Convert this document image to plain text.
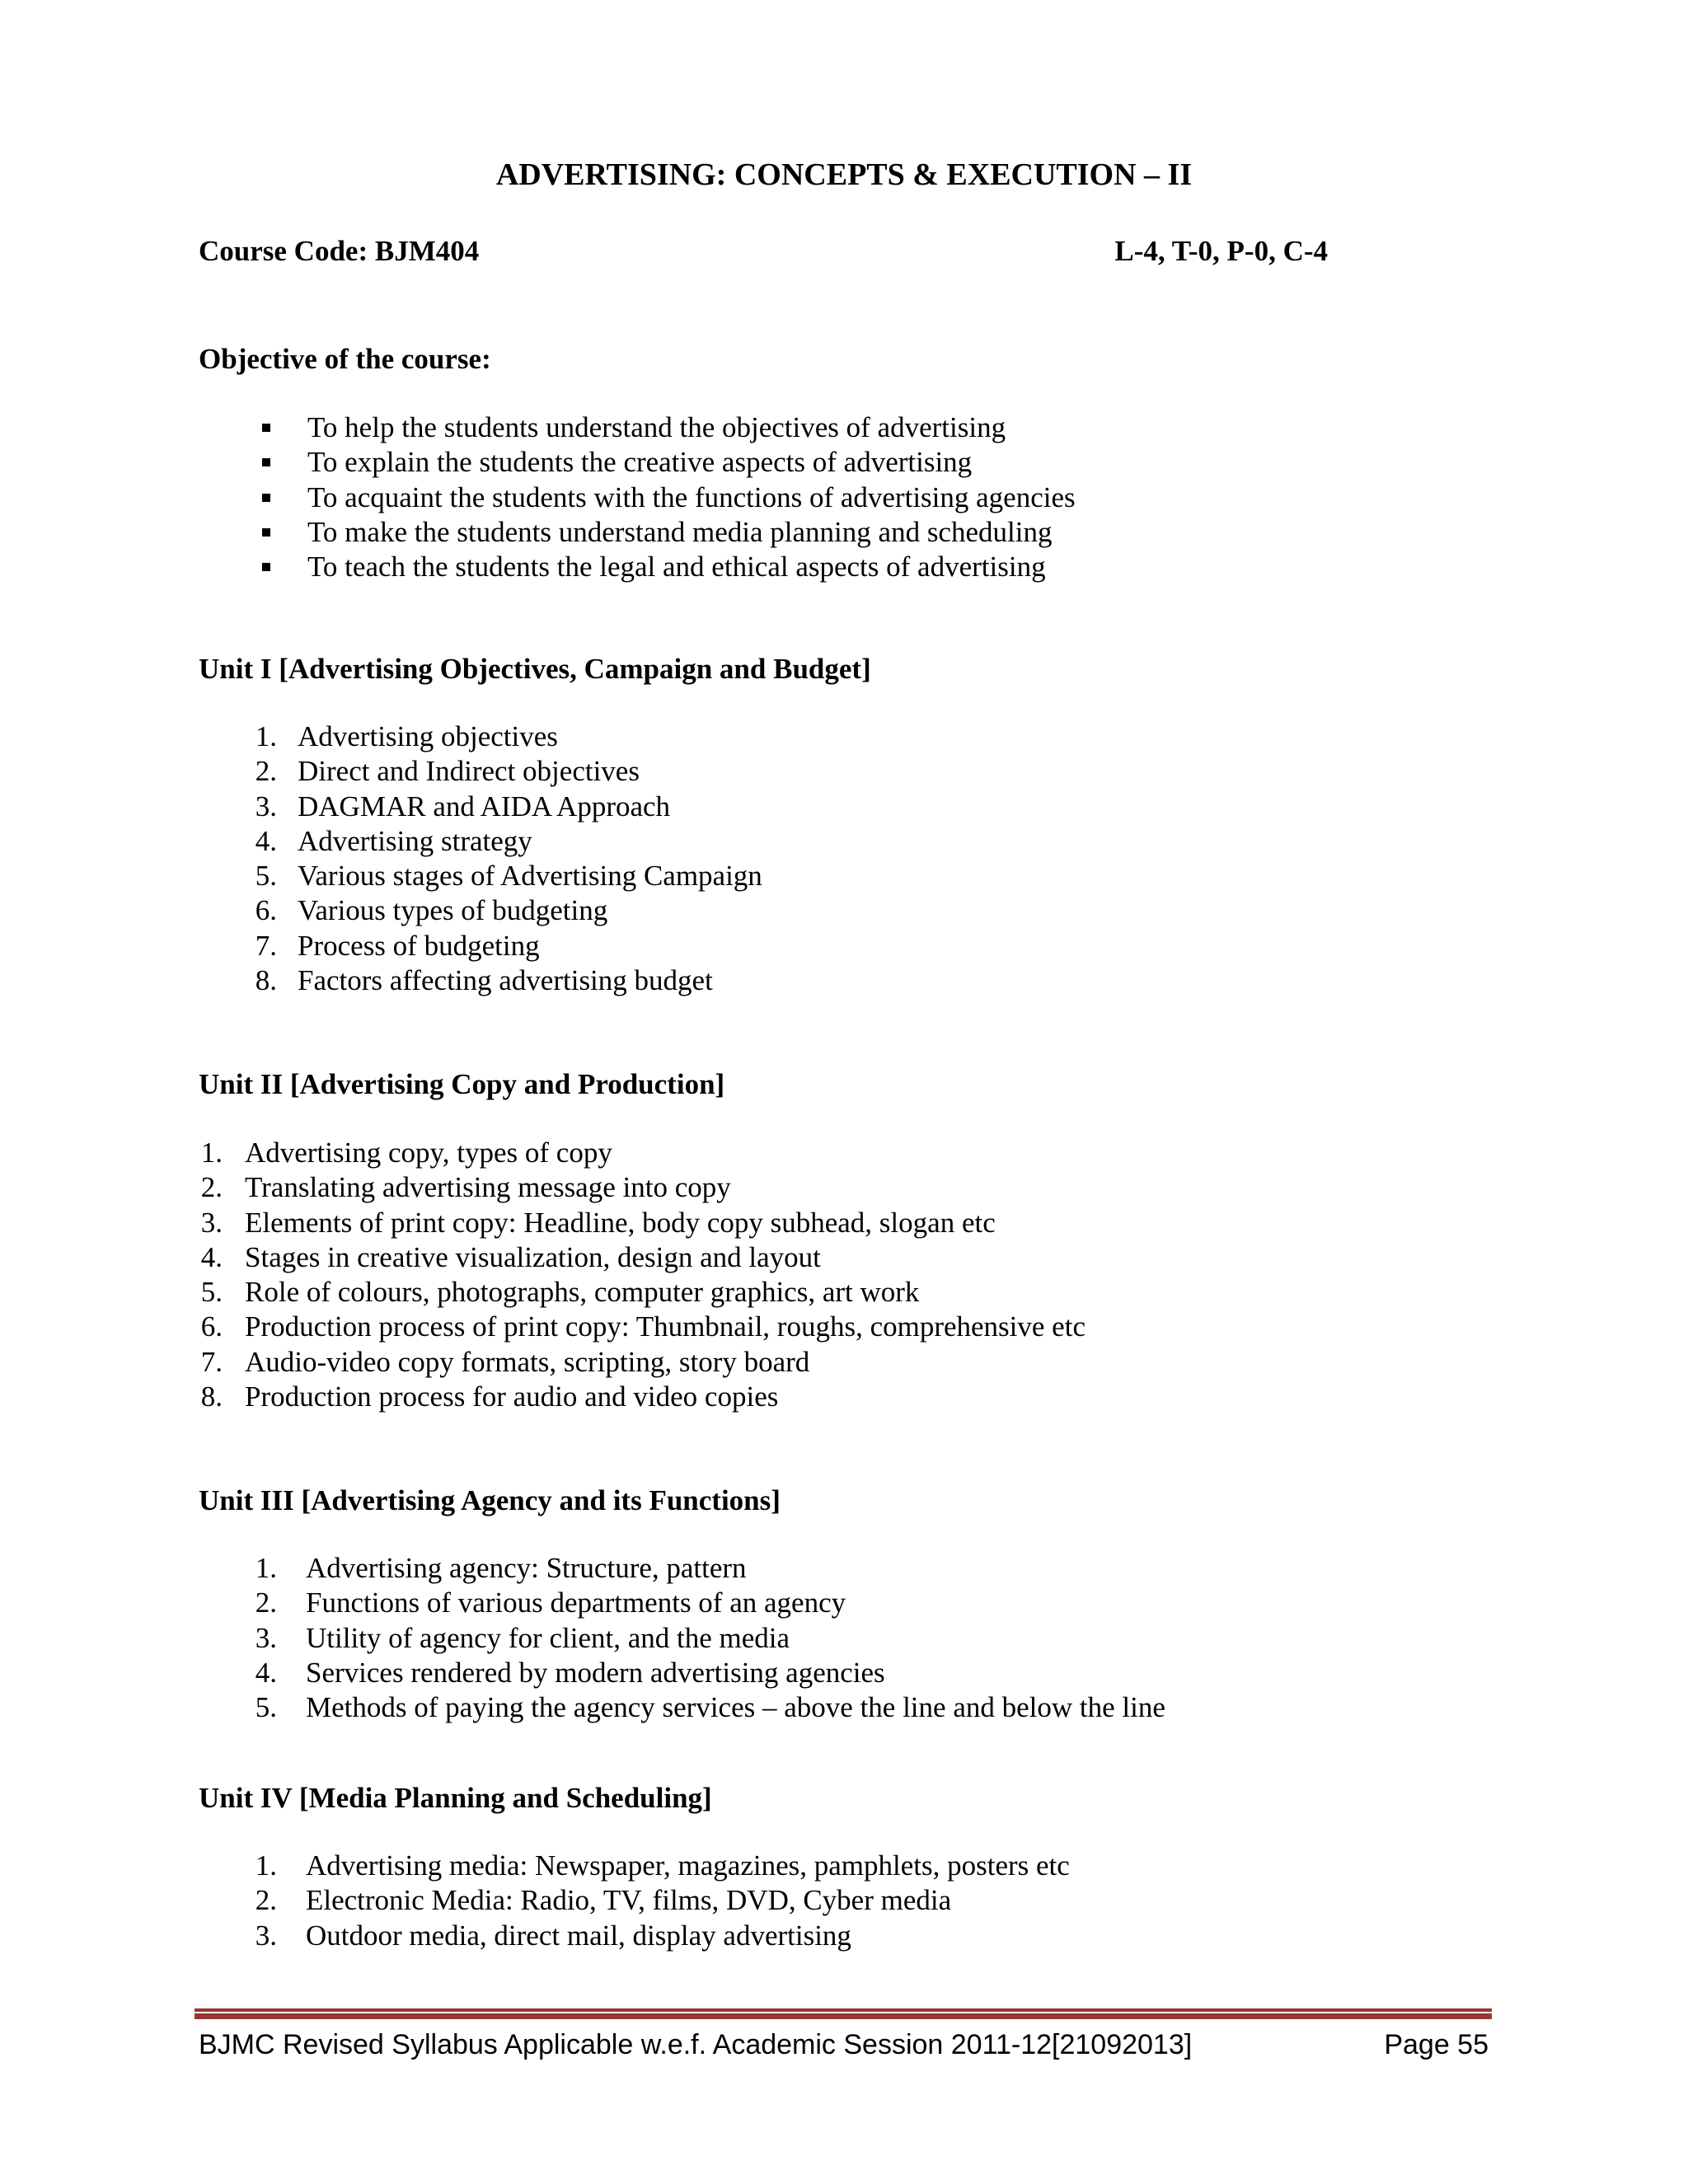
ADVERTISING: CONCEPTS & EXECUTION – II
Course Code: BJM404	L-4, T-0, P-0, C-4
Objective of the course:
To help the students understand the objectives of advertising
To explain the students the creative aspects of advertising
To acquaint the students with the functions of advertising agencies
To make the students understand media planning and scheduling
To teach the students the legal and ethical aspects of advertising
Unit I [Advertising Objectives, Campaign and Budget]
1. Advertising objectives
2. Direct and Indirect objectives
3. DAGMAR and AIDA Approach
4. Advertising strategy
5. Various stages of Advertising Campaign
6. Various types of budgeting
7. Process of budgeting
8. Factors affecting advertising budget
Unit II [Advertising Copy and Production]
1. Advertising copy, types of copy
2. Translating advertising message into copy
3. Elements of print copy: Headline, body copy subhead, slogan etc
4. Stages in creative visualization, design and layout
5. Role of colours, photographs, computer graphics, art work
6. Production process of print copy: Thumbnail, roughs, comprehensive etc
7. Audio-video copy formats, scripting, story board
8. Production process for audio and video copies
Unit III [Advertising Agency and its Functions]
1. Advertising agency: Structure, pattern
2. Functions of various departments of an agency
3. Utility of agency for client, and the media
4. Services rendered by modern advertising agencies
5. Methods of paying the agency services – above the line and below the line
Unit IV [Media Planning and Scheduling]
1. Advertising media: Newspaper, magazines, pamphlets, posters etc
2. Electronic Media: Radio, TV, films, DVD, Cyber media
3. Outdoor media, direct mail, display advertising
BJMC Revised Syllabus Applicable w.e.f. Academic Session 2011-12[21092013]	Page 55
